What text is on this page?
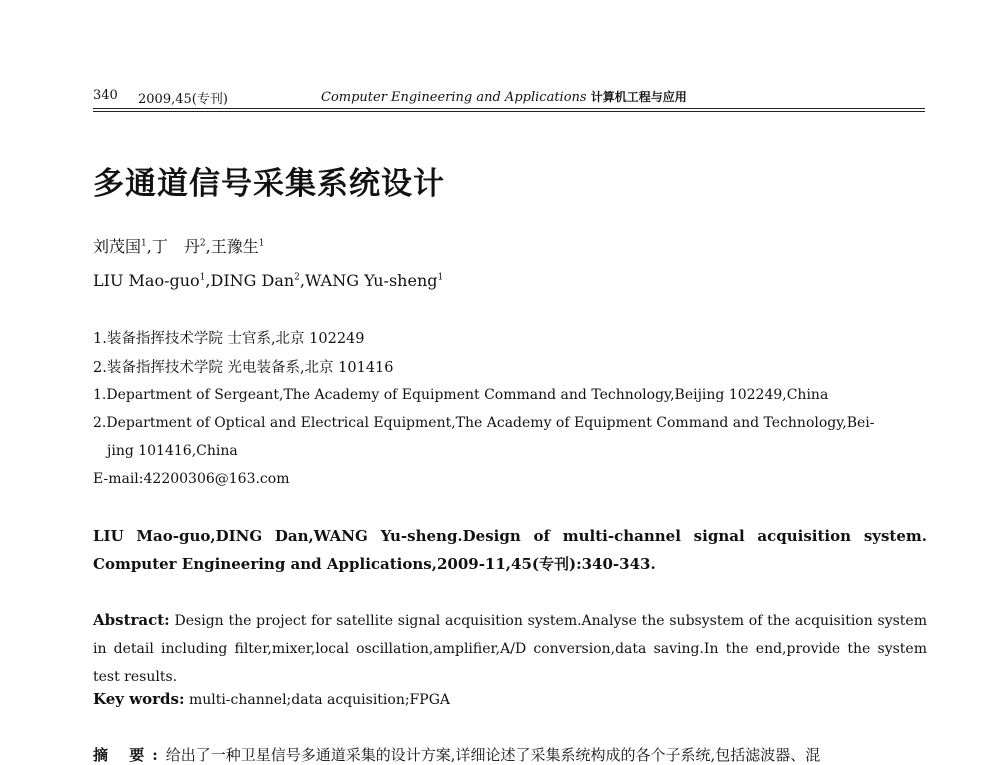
340 2009,45(专刊)	Computer Engineering and Applications 计算机工程与应用
多通道信号采集系统设计
刘茂国$^1$,丁　丹$^2$,王豫生$^1$
LIU Mao-guo$^1$,DING Dan$^2$,WANG Yu-sheng$^1$
1.装备指挥技术学院 士官系,北京 102249
2.装备指挥技术学院 光电装备系,北京 101416
1.Department of Sergeant,The Academy of Equipment Command and Technology,Beijing 102249,China
2.Department of Optical and Electrical Equipment,The Academy of Equipment Command and Technology,Bei-
jing 101416,China
E-mail:42200306@163.com
LIU Mao-guo,DING Dan,WANG Yu-sheng.Design of multi-channel signal acquisition system. Computer Engineering and Applications,2009-11,45(专刊):340-343.
Abstract: Design the project for satellite signal acquisition system.Analyse the subsystem of the acquisition system in detail including filter,mixer,local oscillation,amplifier,A/D conversion,data saving.In the end,provide the system test results.
Key words: multi-channel;data acquisition;FPGA
摘 要:给出了一种卫星信号多通道采集的设计方案,详细论述了采集系统构成的各个子系统,包括滤波器、混
